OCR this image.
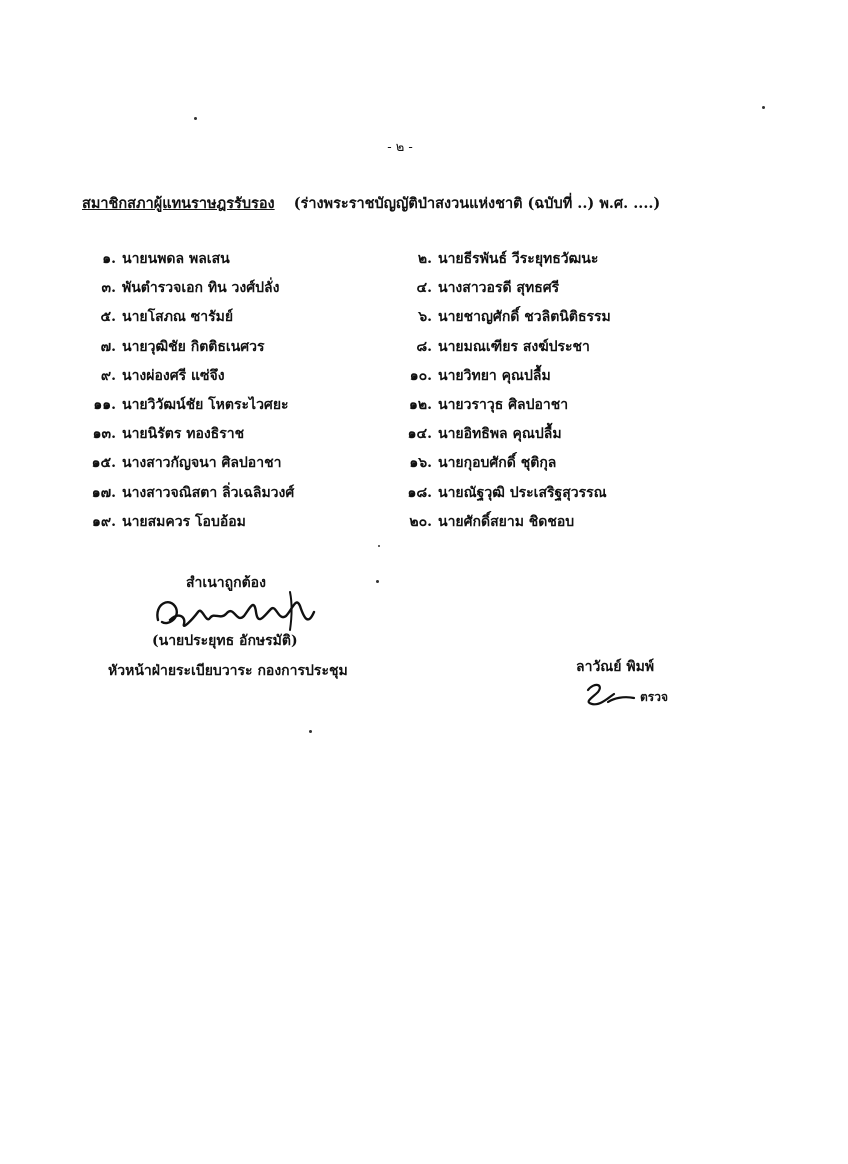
- ๒ -
สมาชิกสภาผู้แทนราษฎรรับรอง (ร่างพระราชบัญญัติป่าสงวนแห่งชาติ (ฉบับที่ ..) พ.ศ. ....)
๑. นายนพดล พลเสน	๒. นายธีรพันธ์ วีระยุทธวัฒนะ
๓. พันตำรวจเอก ทิน วงศ์ปลั่ง	๔. นางสาวอรดี สุทธศรี
๕. นายโสภณ ซารัมย์	๖. นายชาญศักดิ์ ชวลิตนิติธรรม
๗. นายวุฒิชัย กิตติธเนศวร	๘. นายมณเฑียร สงฆ์ประชา
๙. นางผ่องศรี แซ่จึง	๑๐. นายวิทยา คุณปลื้ม
๑๑. นายวิวัฒน์ชัย โหตระไวศยะ	๑๒. นายวราวุธ ศิลปอาชา
๑๓. นายนิรัตร ทองธิราช	๑๔. นายอิทธิพล คุณปลื้ม
๑๕. นางสาวกัญจนา ศิลปอาชา	๑๖. นายกุอบศักดิ์ ชุติกุล
๑๗. นางสาวจณิสตา ลิ่วเฉลิมวงศ์	๑๘. นายณัฐวุฒิ ประเสริฐสุวรรณ
๑๙. นายสมควร โอบอ้อม	๒๐. นายศักดิ์สยาม ชิดชอบ
สำเนาถูกต้อง
(นายประยุทธ อักษรมัติ)
หัวหน้าฝ่ายระเบียบวาระ กองการประชุม	ลาวัณย์ พิมพ์
ตรวจ
